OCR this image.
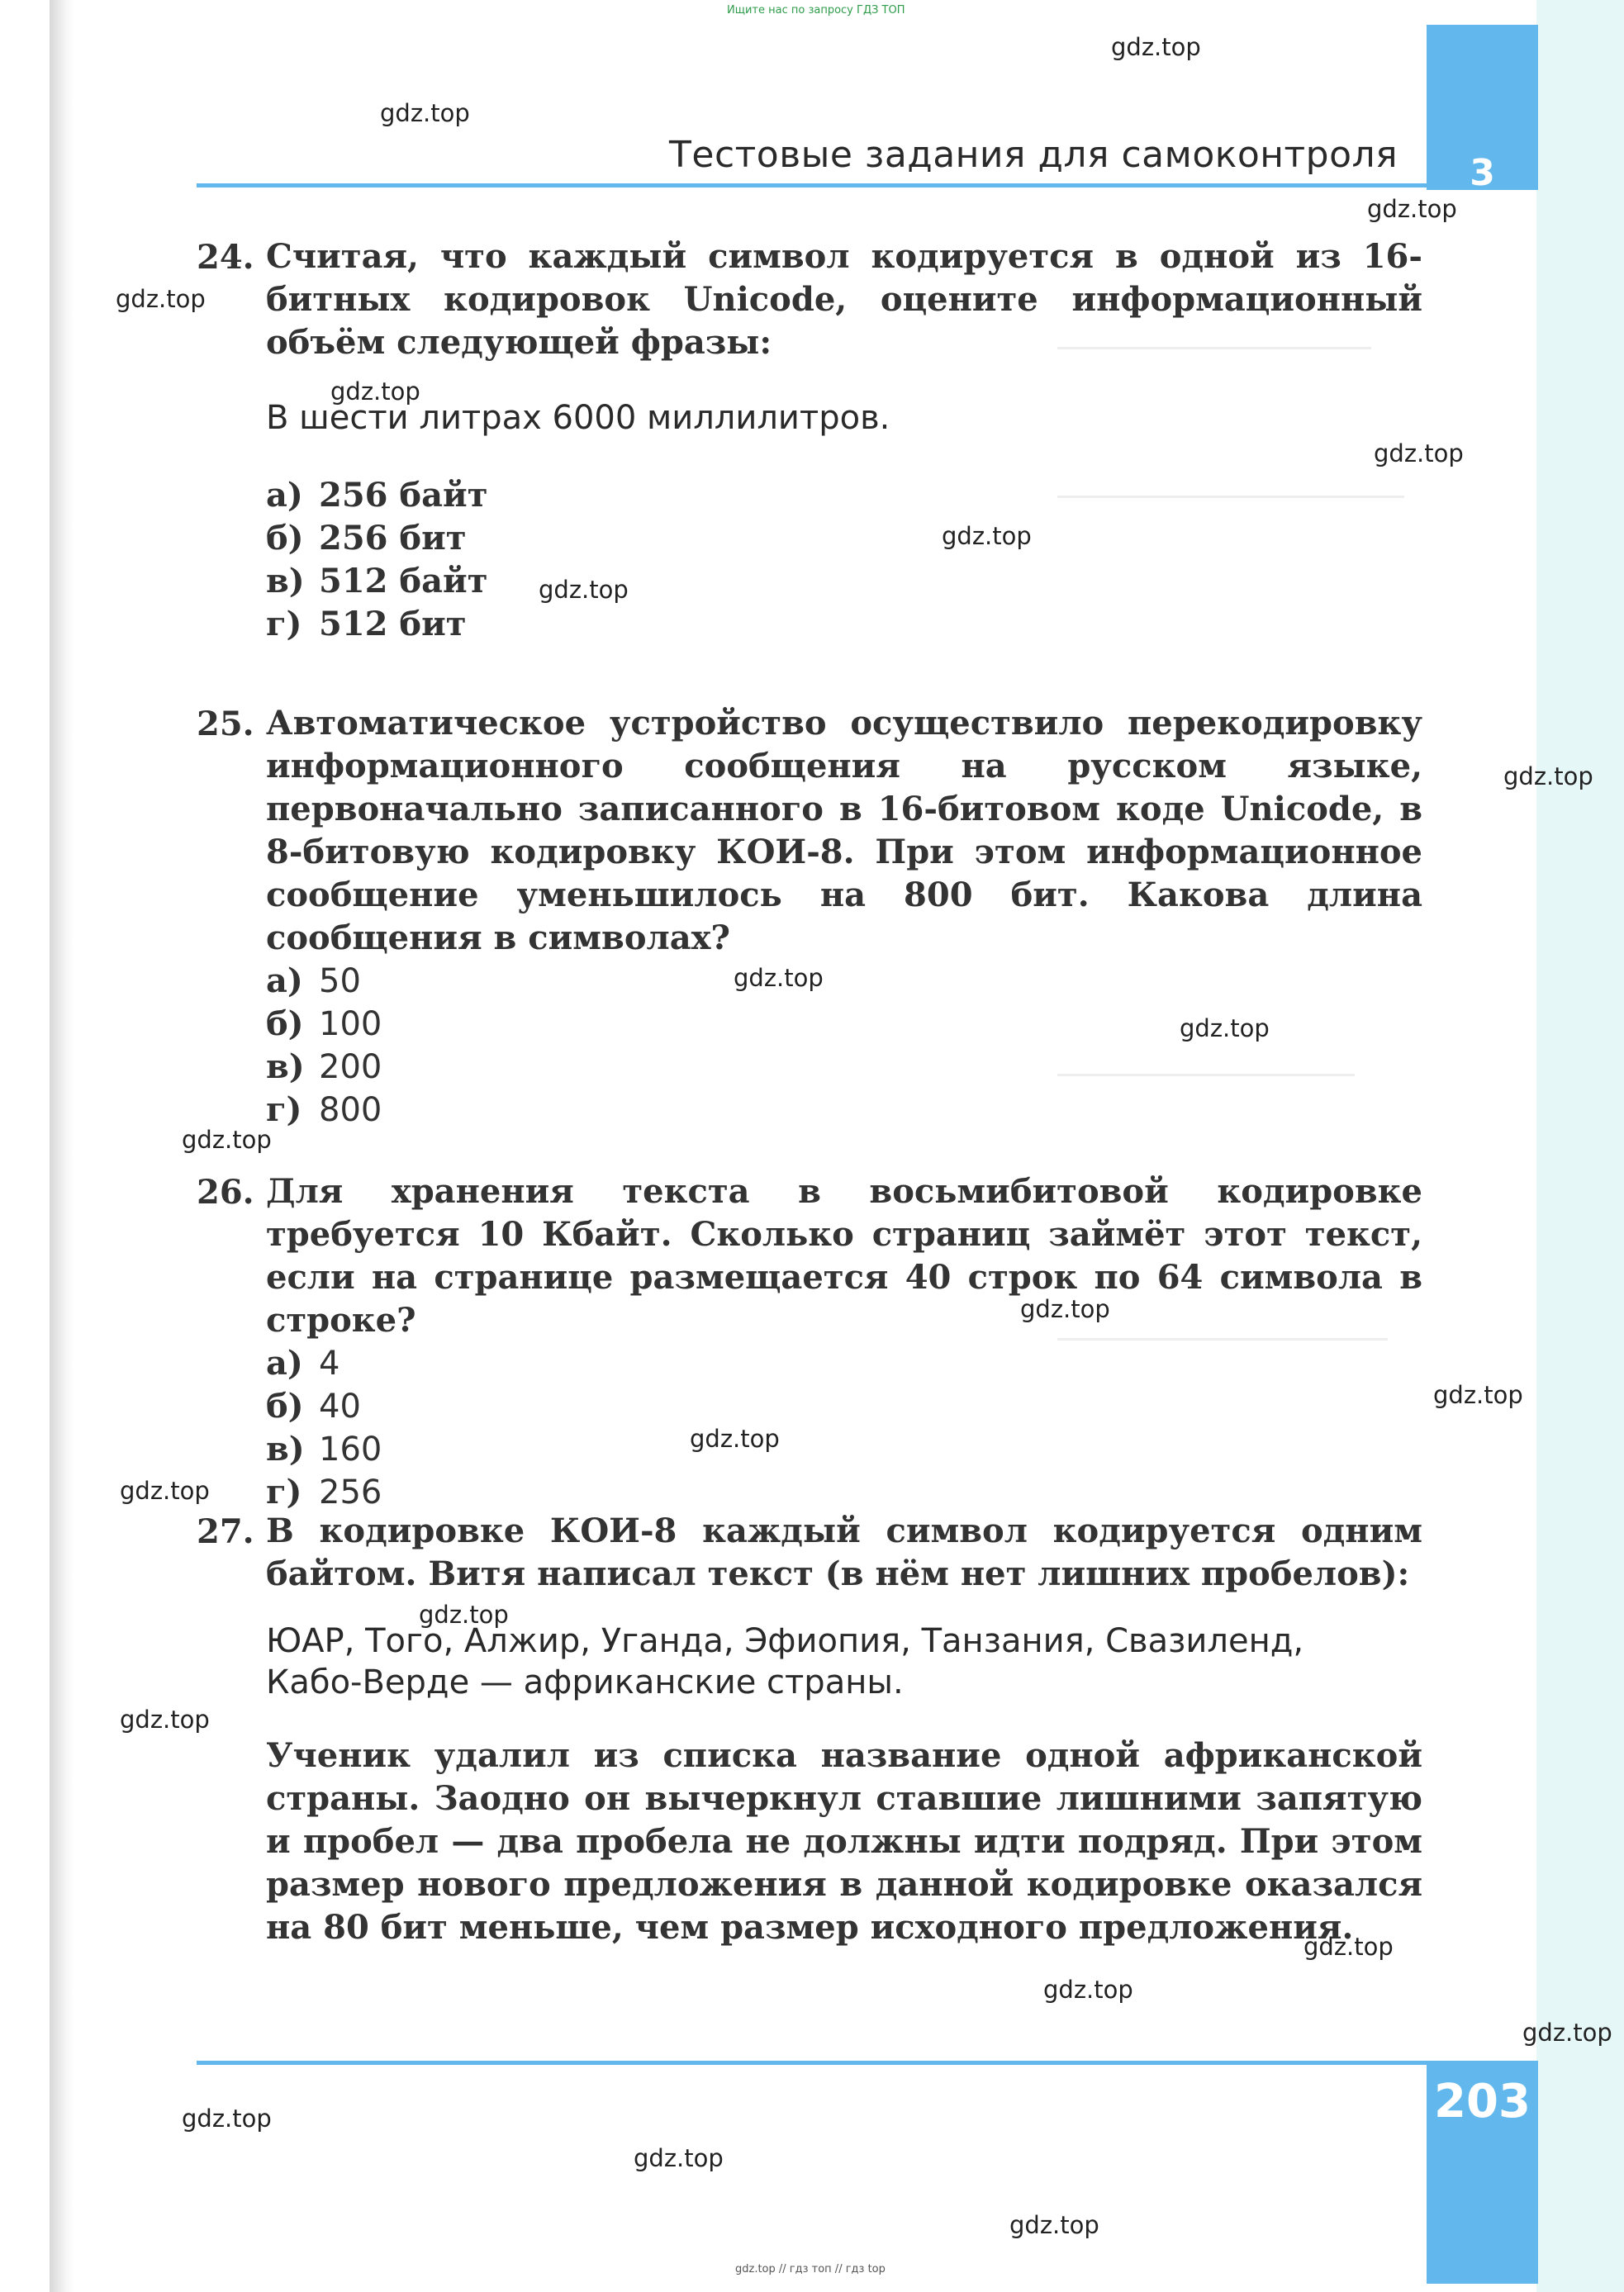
Ищите нас по запросу ГДЗ ТОП
3
Тестовые задания для самоконтроля
24. Считая, что каждый символ кодируется в одной из 16-битных кодировок Unicode, оцените информационный объём следующей фразы:

В шести литрах 6000 миллилитров.

а) 256 байт
б) 256 бит
в) 512 байт
г) 512 бит
25. Автоматическое устройство осуществило перекодировку информационного сообщения на русском языке, первоначально записанного в 16-битовом коде Unicode, в 8-битовую кодировку КОИ-8. При этом информационное сообщение уменьшилось на 800 бит. Какова длина сообщения в символах?

а) 50
б) 100
в) 200
г) 800
26. Для хранения текста в восьмибитовой кодировке требуется 10 Кбайт. Сколько страниц займёт этот текст, если на странице размещается 40 строк по 64 символа в строке?

а) 4
б) 40
в) 160
г) 256
27. В кодировке КОИ-8 каждый символ кодируется одним байтом. Витя написал текст (в нём нет лишних пробелов):

ЮАР, Того, Алжир, Уганда, Эфиопия, Танзания, Свазиленд, Кабо-Верде — африканские страны.

Ученик удалил из списка название одной африканской страны. Заодно он вычеркнул ставшие лишними запятую и пробел — два пробела не должны идти подряд. При этом размер нового предложения в данной кодировке оказался на 80 бит меньше, чем размер исходного предложения.

203
gdz.top // гдз топ // гдз top
gdz.top
gdz.top
gdz.top
gdz.top
gdz.top
gdz.top
gdz.top
gdz.top
gdz.top
gdz.top
gdz.top
gdz.top
gdz.top
gdz.top
gdz.top
gdz.top
gdz.top
gdz.top
gdz.top
gdz.top
gdz.top
gdz.top
gdz.top
gdz.top
